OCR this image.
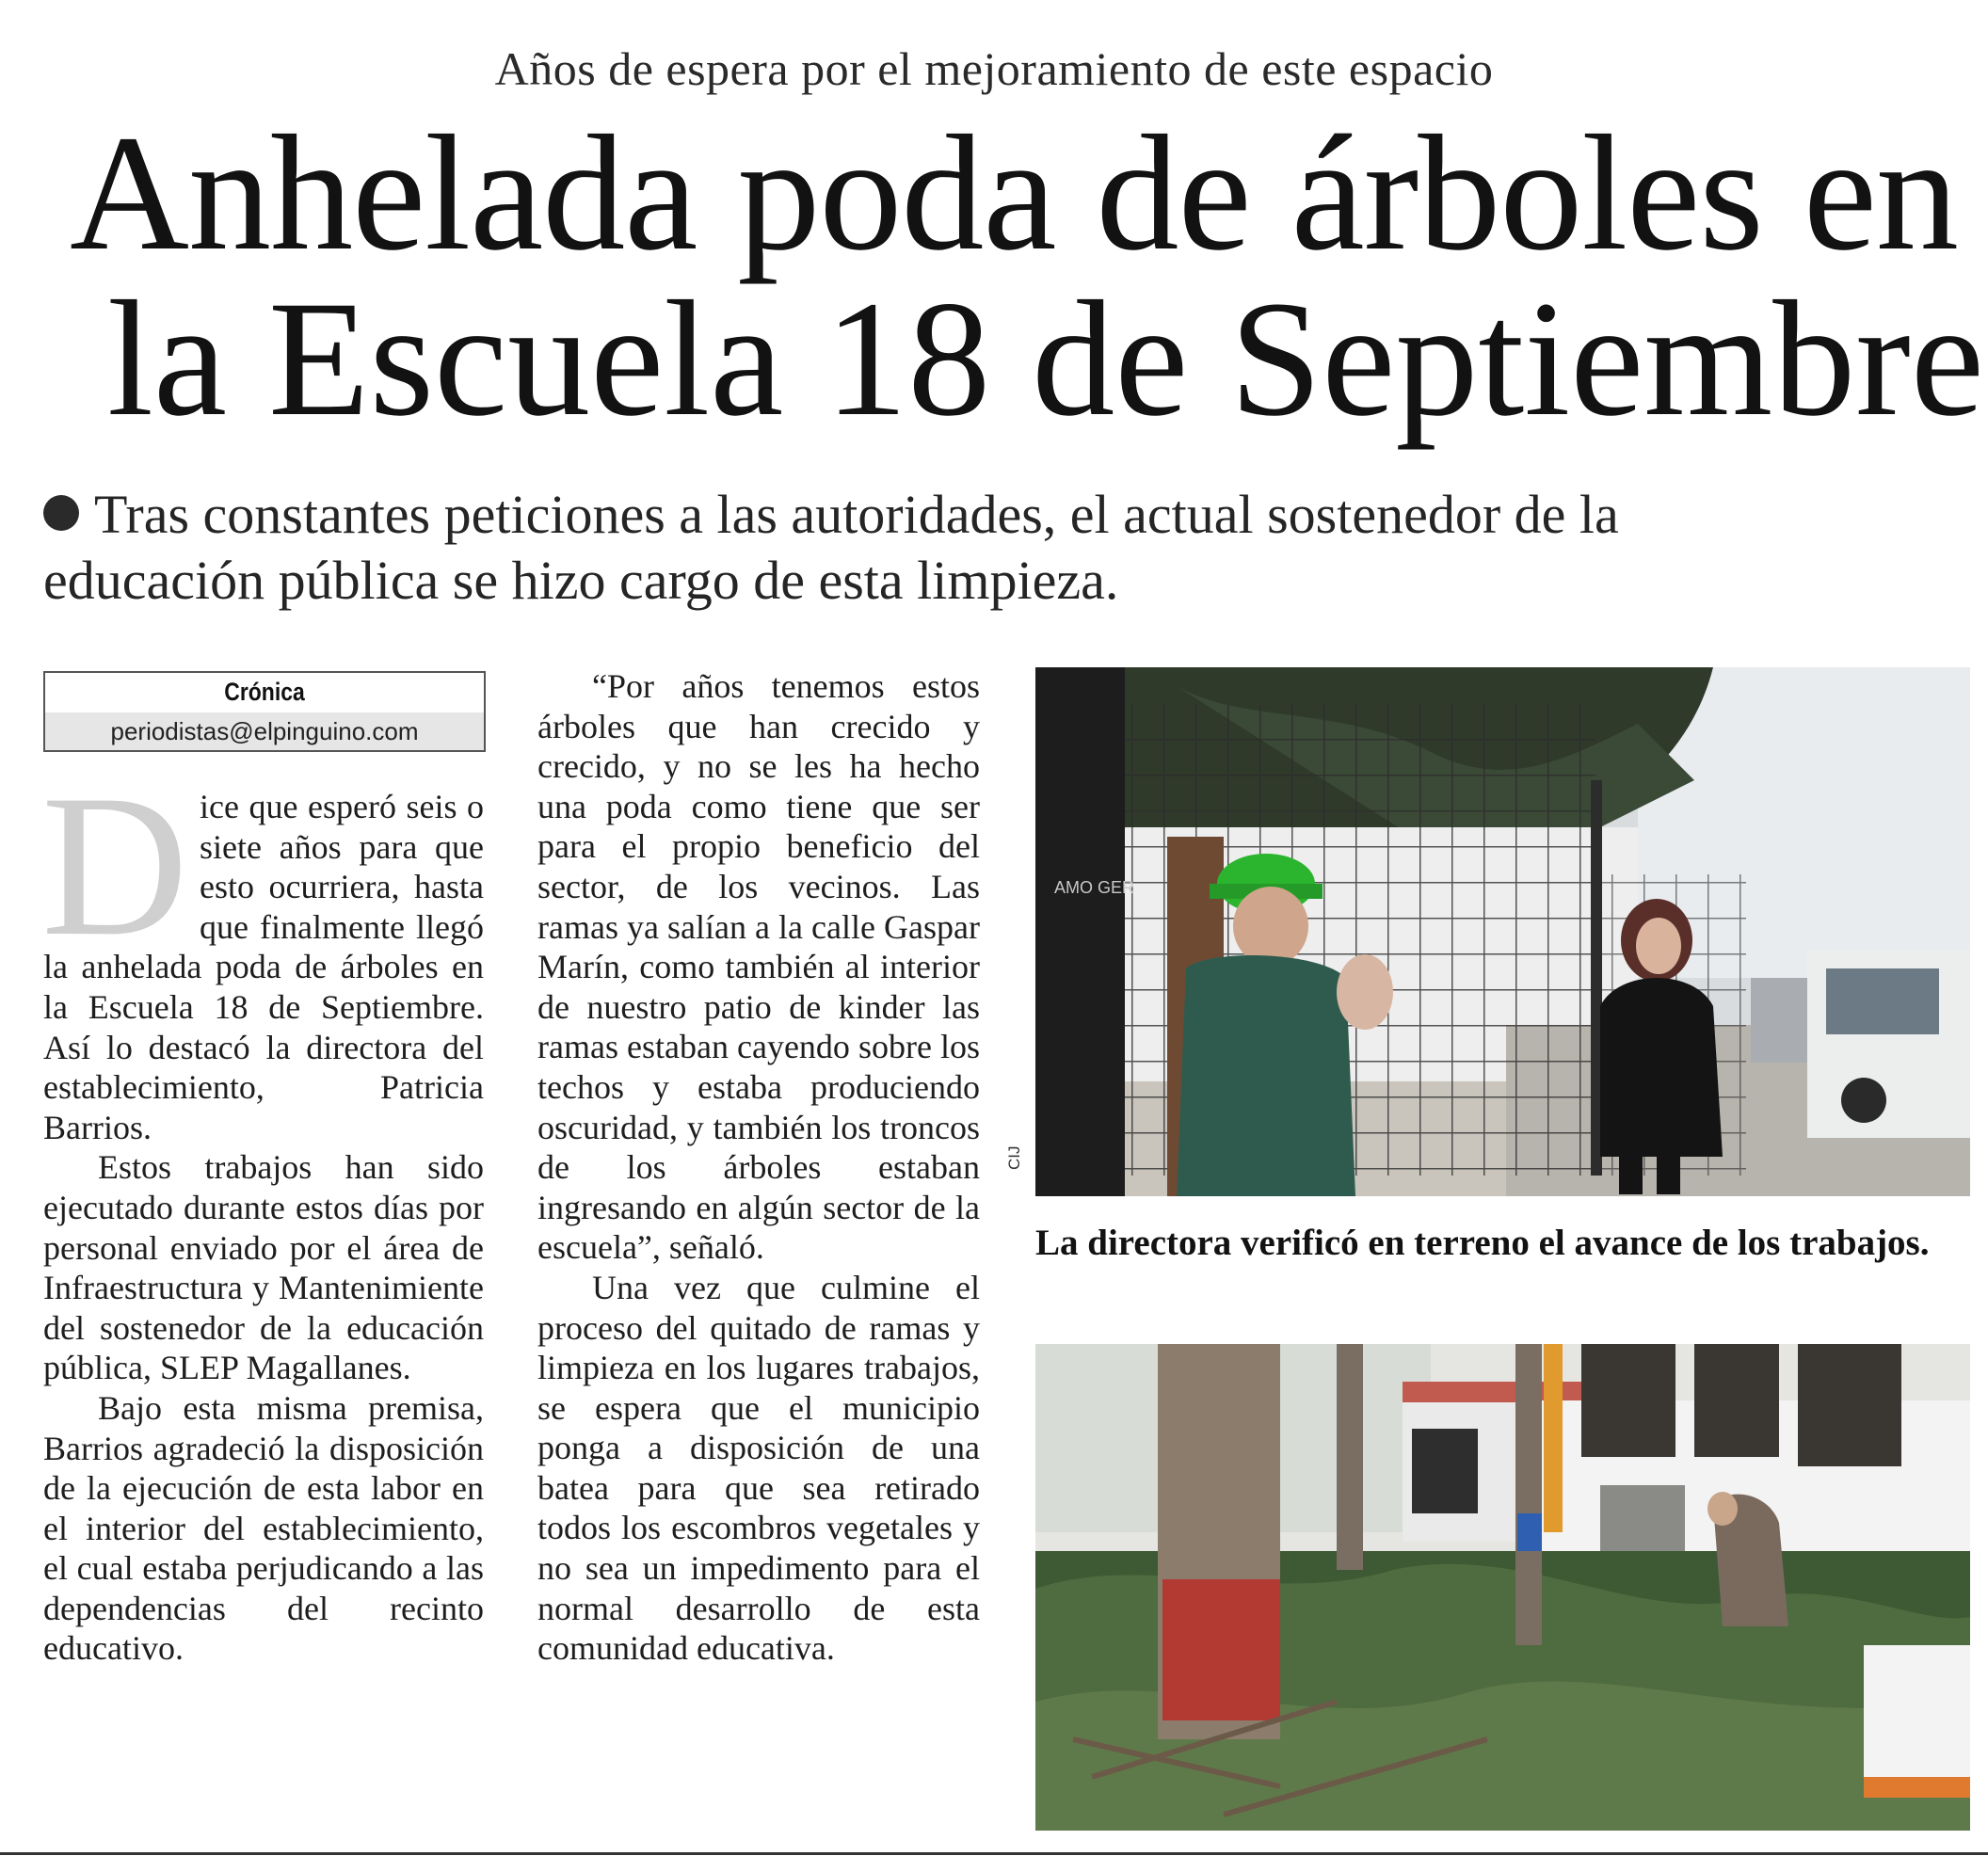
Años de espera por el mejoramiento de este espacio
Anhelada poda de árboles en
la Escuela 18 de Septiembre
Tras constantes peticiones a las autoridades, el actual sostenedor de la
educación pública se hizo cargo de esta limpieza.
Crónica
periodistas@elpinguino.com

Dice que esperó seis o siete años para que esto ocurriera, hasta que finalmente llegó la anhelada poda de árboles en la Escuela 18 de Septiembre. Así lo destacó la directora del establecimiento, Patricia Barrios.

Estos trabajos han sido ejecutado durante estos días por personal enviado por el área de Infraestructura y Mantenimiente del sostenedor de la educación pública, SLEP Magallanes.

Bajo esta misma premisa, Barrios agradeció la disposición de la ejecución de esta labor en el interior del establecimiento, el cual estaba perjudicando a las dependencias del recinto educativo.

“Por años tenemos estos árboles que han crecido y crecido, y no se les ha hecho una poda como tiene que ser para el propio beneficio del sector, de los vecinos. Las ramas ya salían a la calle Gaspar Marín, como también al interior de nuestro patio de kinder las ramas estaban cayendo sobre los techos y estaba produciendo oscuridad, y también los troncos de los árboles estaban ingresando en algún sector de la escuela”, señaló.

Una vez que culmine el proceso del quitado de ramas y limpieza en los lugares trabajos, se espera que el municipio ponga a disposición de una batea para que sea retirado todos los escombros vegetales y no sea un impedimento para el normal desarrollo de esta comunidad educativa.

AMO GER
CIJ
La directora verificó en terreno el avance de los trabajos.
